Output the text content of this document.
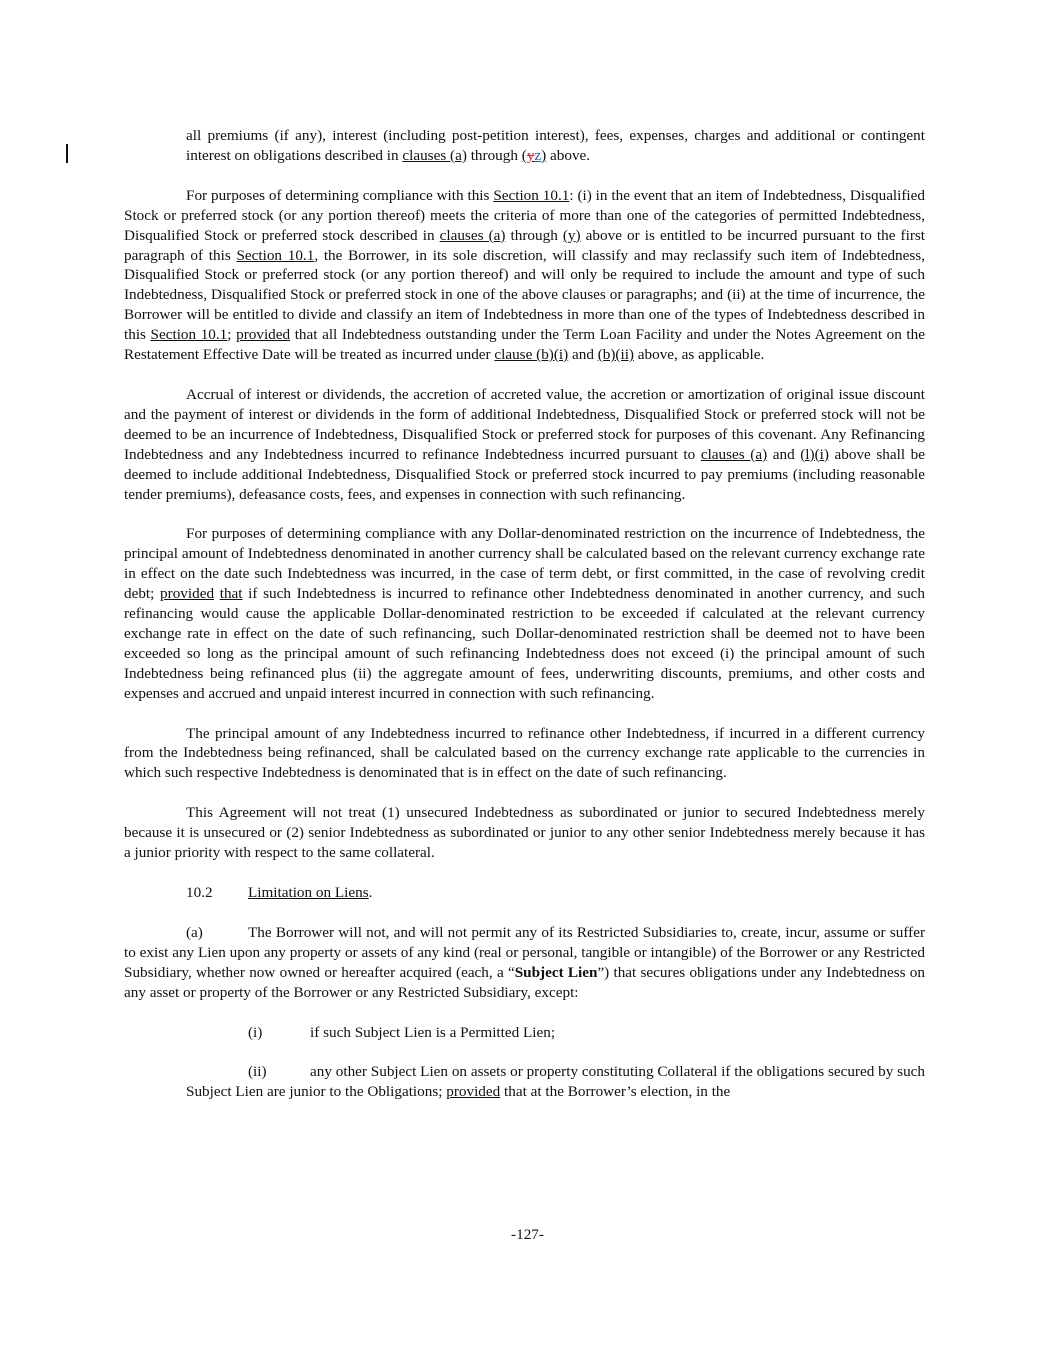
all premiums (if any), interest (including post-petition interest), fees, expenses, charges and additional or contingent interest on obligations described in clauses (a) through (yz) above.

For purposes of determining compliance with this Section 10.1: (i) in the event that an item of Indebtedness, Disqualified Stock or preferred stock (or any portion thereof) meets the criteria of more than one of the categories of permitted Indebtedness, Disqualified Stock or preferred stock described in clauses (a) through (y) above or is entitled to be incurred pursuant to the first paragraph of this Section 10.1, the Borrower, in its sole discretion, will classify and may reclassify such item of Indebtedness, Disqualified Stock or preferred stock (or any portion thereof) and will only be required to include the amount and type of such Indebtedness, Disqualified Stock or preferred stock in one of the above clauses or paragraphs; and (ii) at the time of incurrence, the Borrower will be entitled to divide and classify an item of Indebtedness in more than one of the types of Indebtedness described in this Section 10.1; provided that all Indebtedness outstanding under the Term Loan Facility and under the Notes Agreement on the Restatement Effective Date will be treated as incurred under clause (b)(i) and (b)(ii) above, as applicable.

Accrual of interest or dividends, the accretion of accreted value, the accretion or amortization of original issue discount and the payment of interest or dividends in the form of additional Indebtedness, Disqualified Stock or preferred stock will not be deemed to be an incurrence of Indebtedness, Disqualified Stock or preferred stock for purposes of this covenant. Any Refinancing Indebtedness and any Indebtedness incurred to refinance Indebtedness incurred pursuant to clauses (a) and (l)(i) above shall be deemed to include additional Indebtedness, Disqualified Stock or preferred stock incurred to pay premiums (including reasonable tender premiums), defeasance costs, fees, and expenses in connection with such refinancing.

For purposes of determining compliance with any Dollar-denominated restriction on the incurrence of Indebtedness, the principal amount of Indebtedness denominated in another currency shall be calculated based on the relevant currency exchange rate in effect on the date such Indebtedness was incurred, in the case of term debt, or first committed, in the case of revolving credit debt; provided that if such Indebtedness is incurred to refinance other Indebtedness denominated in another currency, and such refinancing would cause the applicable Dollar-denominated restriction to be exceeded if calculated at the relevant currency exchange rate in effect on the date of such refinancing, such Dollar-denominated restriction shall be deemed not to have been exceeded so long as the principal amount of such refinancing Indebtedness does not exceed (i) the principal amount of such Indebtedness being refinanced plus (ii) the aggregate amount of fees, underwriting discounts, premiums, and other costs and expenses and accrued and unpaid interest incurred in connection with such refinancing.

The principal amount of any Indebtedness incurred to refinance other Indebtedness, if incurred in a different currency from the Indebtedness being refinanced, shall be calculated based on the currency exchange rate applicable to the currencies in which such respective Indebtedness is denominated that is in effect on the date of such refinancing.

This Agreement will not treat (1) unsecured Indebtedness as subordinated or junior to secured Indebtedness merely because it is unsecured or (2) senior Indebtedness as subordinated or junior to any other senior Indebtedness merely because it has a junior priority with respect to the same collateral.

10.2	Limitation on Liens.

(a)	The Borrower will not, and will not permit any of its Restricted Subsidiaries to, create, incur, assume or suffer to exist any Lien upon any property or assets of any kind (real or personal, tangible or intangible) of the Borrower or any Restricted Subsidiary, whether now owned or hereafter acquired (each, a “Subject Lien”) that secures obligations under any Indebtedness on any asset or property of the Borrower or any Restricted Subsidiary, except:

(i)	if such Subject Lien is a Permitted Lien;

(ii)	any other Subject Lien on assets or property constituting Collateral if the obligations secured by such Subject Lien are junior to the Obligations; provided that at the Borrower’s election, in the

-127-
